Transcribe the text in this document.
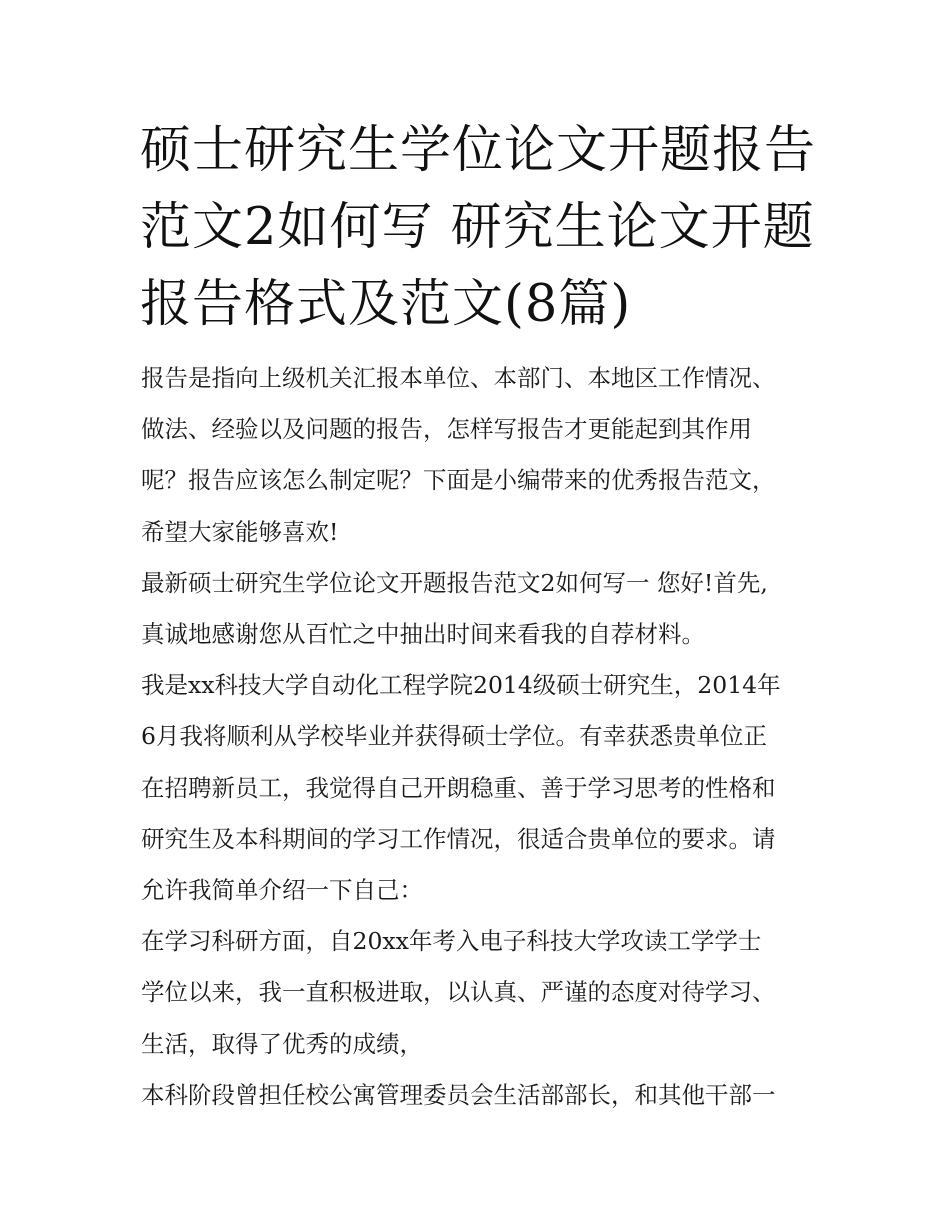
硕士研究生学位论文开题报告
范文2如何写 研究生论文开题
报告格式及范文(8篇)
报告是指向上级机关汇报本单位、本部门、本地区工作情况、
做法、经验以及问题的报告，怎样写报告才更能起到其作用
呢？报告应该怎么制定呢？下面是小编带来的优秀报告范文，
希望大家能够喜欢!
最新硕士研究生学位论文开题报告范文2如何写一 您好!首先,
真诚地感谢您从百忙之中抽出时间来看我的自荐材料。
我是xx科技大学自动化工程学院2014级硕士研究生，2014年
6月我将顺利从学校毕业并获得硕士学位。有幸获悉贵单位正
在招聘新员工，我觉得自己开朗稳重、善于学习思考的性格和
研究生及本科期间的学习工作情况，很适合贵单位的要求。请
允许我简单介绍一下自己：
在学习科研方面，自20xx年考入电子科技大学攻读工学学士
学位以来，我一直积极进取，以认真、严谨的态度对待学习、
生活，取得了优秀的成绩，
本科阶段曾担任校公寓管理委员会生活部部长，和其他干部一
